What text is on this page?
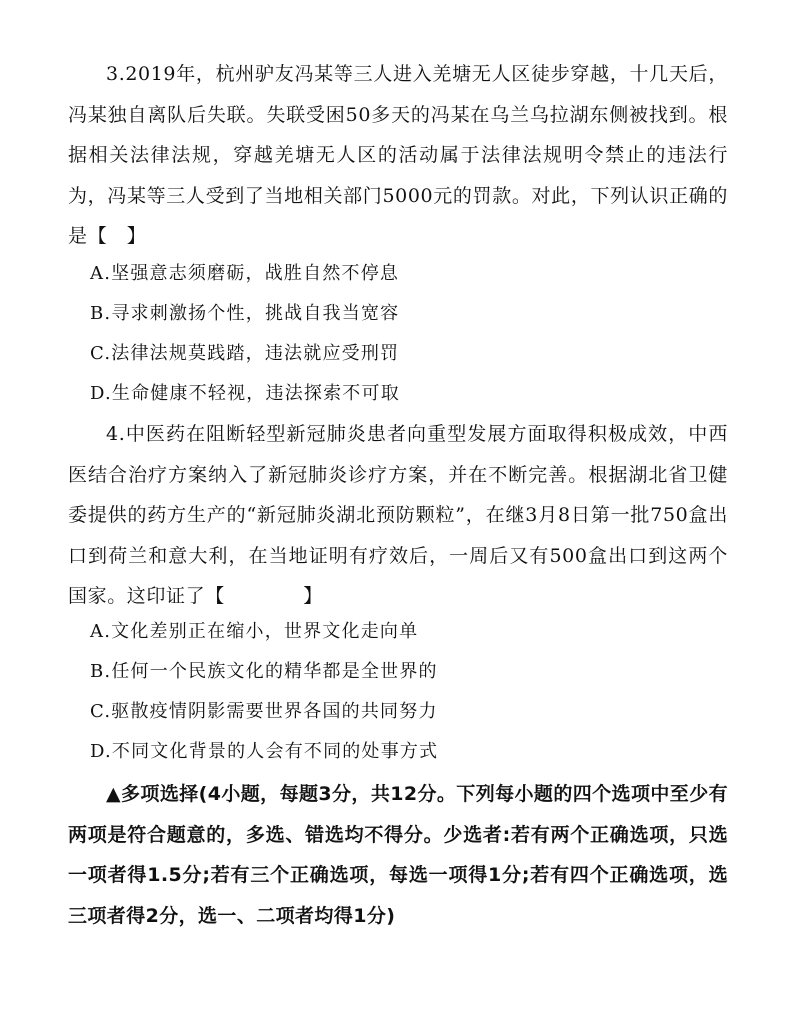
3.2019年，杭州驴友冯某等三人进入羌塘无人区徒步穿越，十几天后，冯某独自离队后失联。失联受困50多天的冯某在乌兰乌拉湖东侧被找到。根据相关法律法规，穿越羌塘无人区的活动属于法律法规明令禁止的违法行为，冯某等三人受到了当地相关部门5000元的罚款。对此，下列认识正确的是【　】

A.坚强意志须磨砺，战胜自然不停息

B.寻求刺激扬个性，挑战自我当宽容

C.法律法规莫践踏，违法就应受刑罚

D.生命健康不轻视，违法探索不可取

4.中医药在阻断轻型新冠肺炎患者向重型发展方面取得积极成效，中西医结合治疗方案纳入了新冠肺炎诊疗方案，并在不断完善。根据湖北省卫健委提供的药方生产的“新冠肺炎湖北预防颗粒”，在继3月8日第一批750盒出口到荷兰和意大利，在当地证明有疗效后，一周后又有500盒出口到这两个国家。这印证了【　　　　】

A.文化差别正在缩小，世界文化走向单

B.任何一个民族文化的精华都是全世界的

C.驱散疫情阴影需要世界各国的共同努力

D.不同文化背景的人会有不同的处事方式

▲多项选择(4小题，每题3分，共12分。下列每小题的四个选项中至少有两项是符合题意的，多选、错选均不得分。少选者:若有两个正确选项，只选一项者得1.5分;若有三个正确选项，每选一项得1分;若有四个正确选项，选三项者得2分，选一、二项者均得1分)
